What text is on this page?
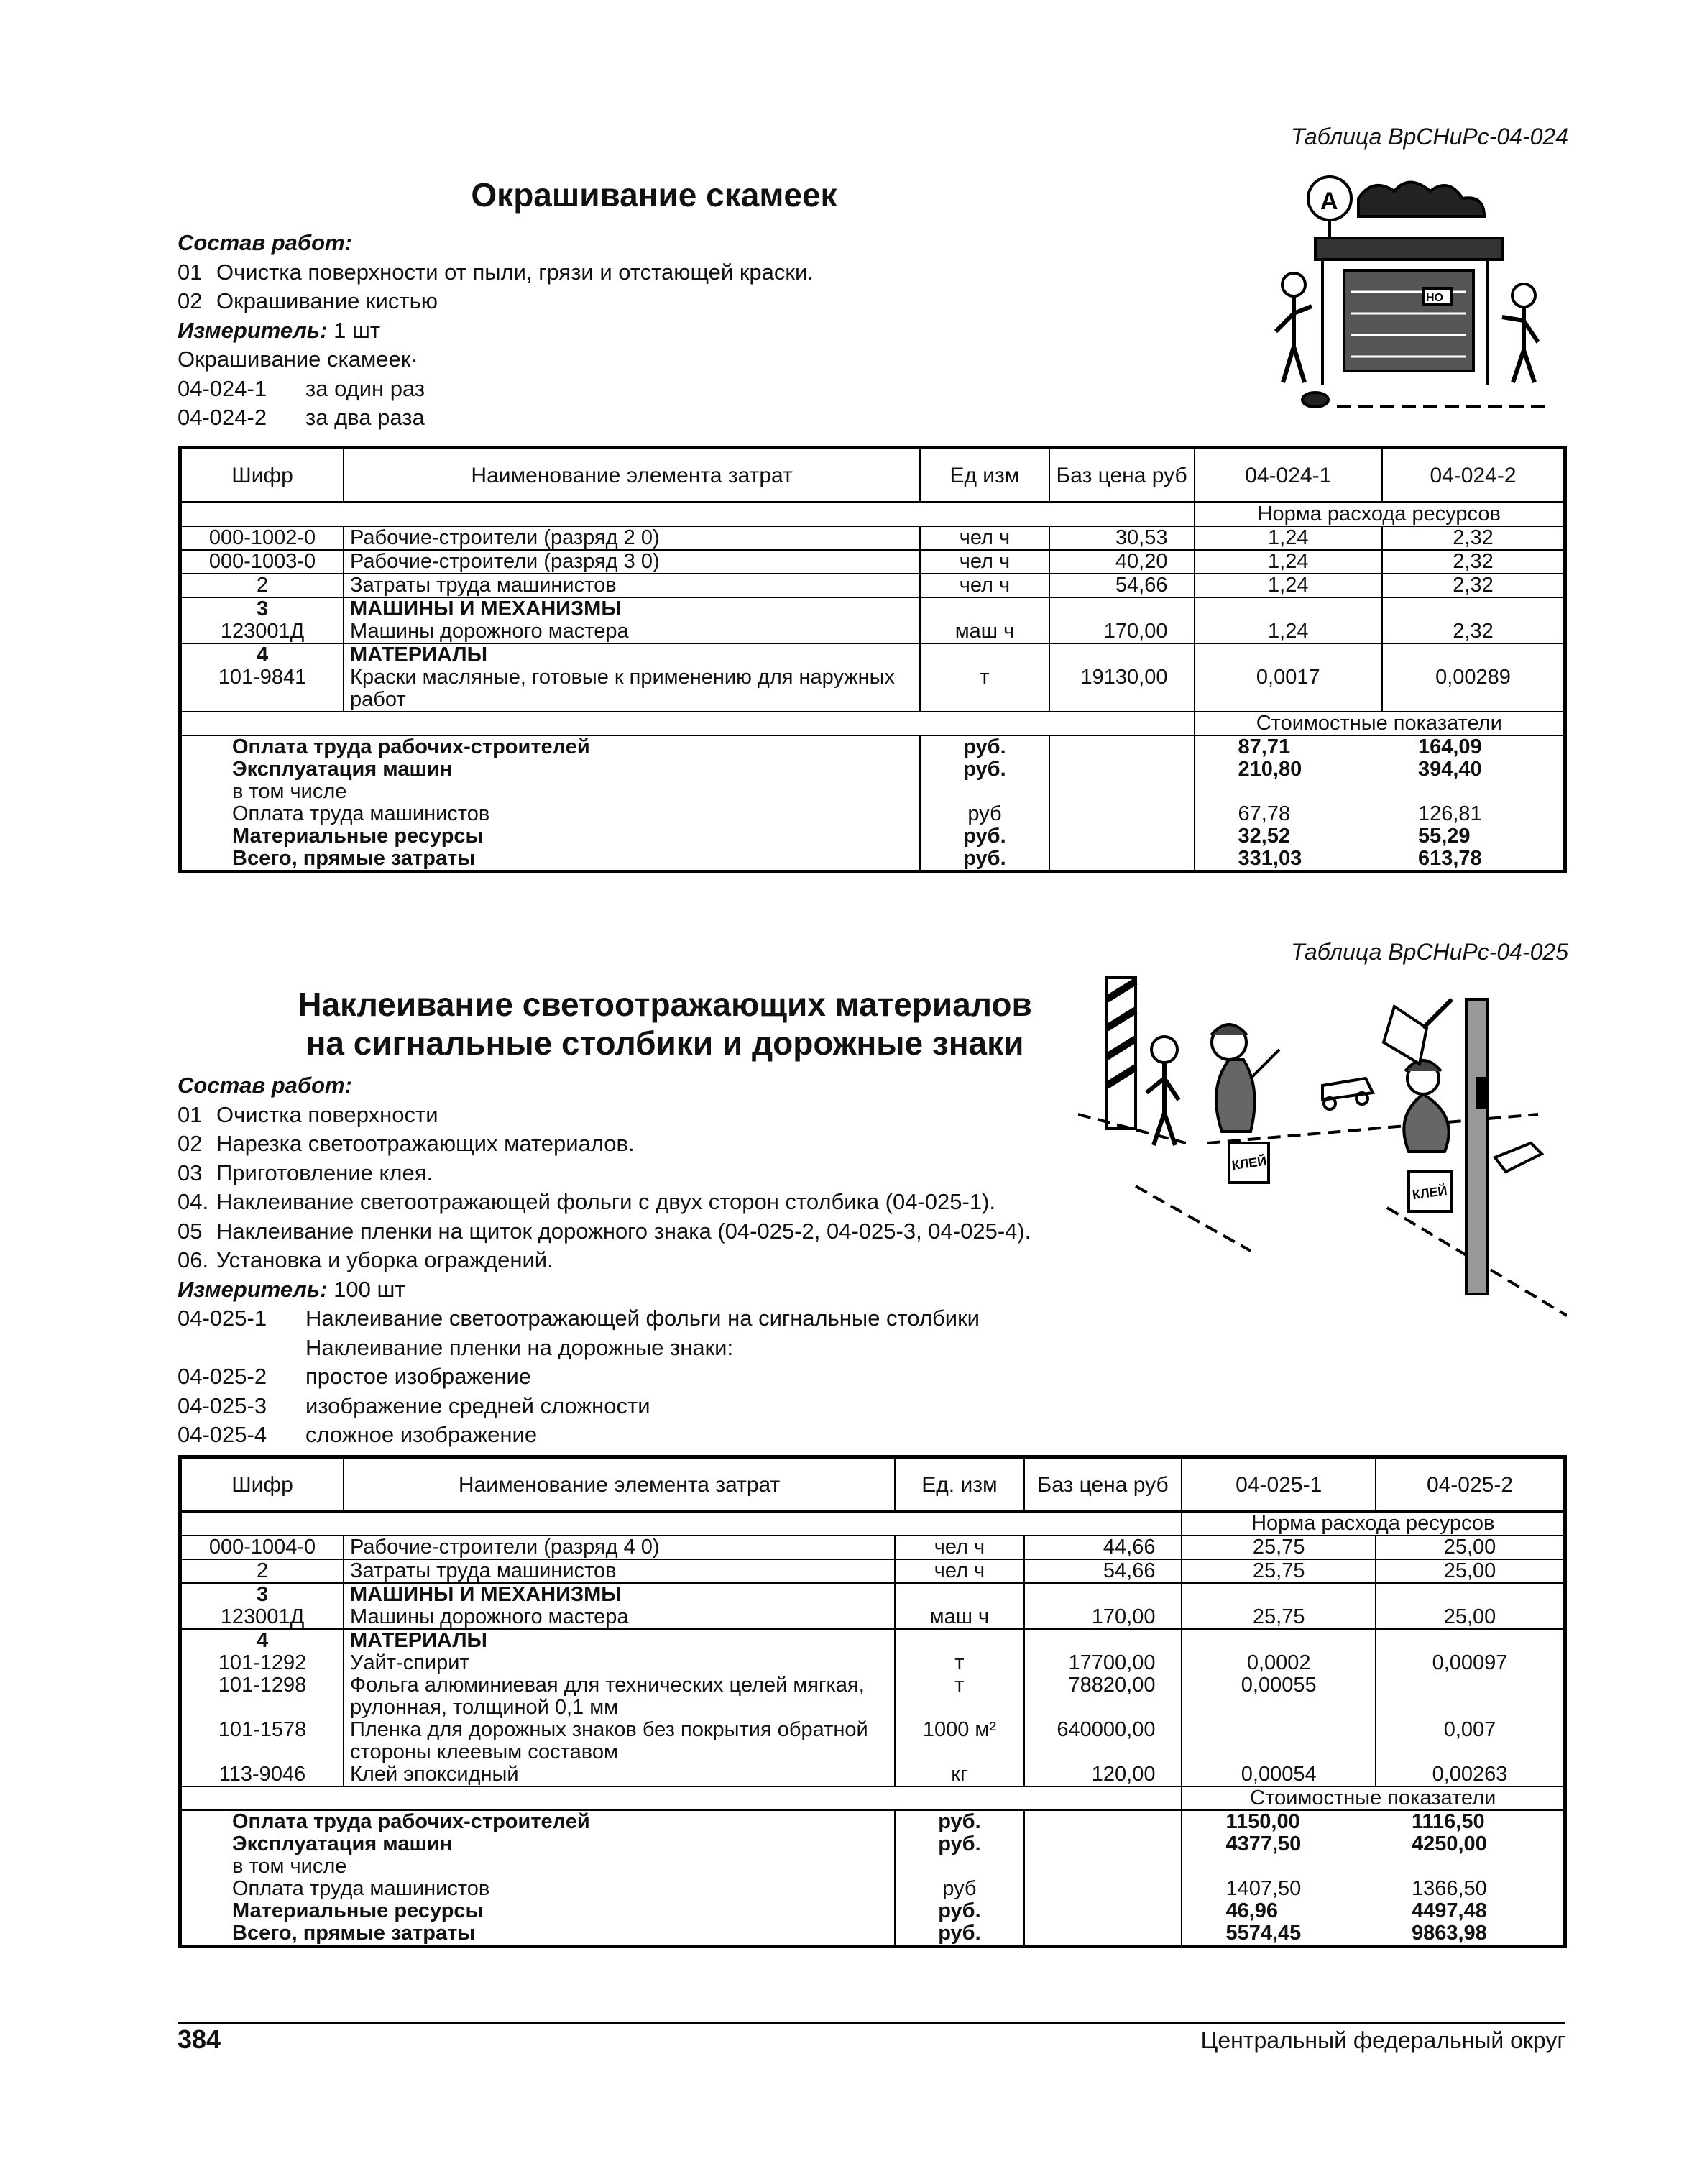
Таблица ВрСНиРс-04-024
Окрашивание скамеек
Состав работ:
01 Очистка поверхности от пыли, грязи и отстающей краски.
02 Окрашивание кистью
Измеритель: 1 шт
Окрашивание скамеек·
04-024-1 за один раз
04-024-2 за два раза
А
НО
Шифр	Наименование элемента затрат	Ед изм	Баз цена руб	04-024-1	04-024-2
				Норма расхода ресурсов	
000-1002-0	Рабочие-строители (разряд 2 0)	чел ч	30,53	1,24	2,32
000-1003-0	Рабочие-строители (разряд 3 0)	чел ч	40,20	1,24	2,32
2	Затраты труда машинистов	чел ч	54,66	1,24	2,32
3	МАШИНЫ И МЕХАНИЗМЫ				
123001Д	Машины дорожного мастера	маш ч	170,00	1,24	2,32
4	МАТЕРИАЛЫ				
101-9841	Краски масляные, готовые к применению для наружных работ	т	19130,00	0,0017	0,00289
				Стоимостные показатели	
Оплата труда рабочих-строителей		руб.		87,71	164,09
Эксплуатация машин		руб.		210,80	394,40
в том числе					
Оплата труда машинистов		руб		67,78	126,81
Материальные ресурсы		руб.		32,52	55,29
Всего, прямые затраты		руб.		331,03	613,78
Таблица ВрСНиРс-04-025
Наклеивание светоотражающих материалов
на сигнальные столбики и дорожные знаки
Состав работ:
01 Очистка поверхности
02 Нарезка светоотражающих материалов.
03 Приготовление клея.
04. Наклеивание светоотражающей фольги с двух сторон столбика (04-025-1).
05 Наклеивание пленки на щиток дорожного знака (04-025-2, 04-025-3, 04-025-4).
06. Установка и уборка ограждений.
Измеритель: 100 шт
04-025-1 Наклеивание светоотражающей фольги на сигнальные столбики
Наклеивание пленки на дорожные знаки:
04-025-2 простое изображение
04-025-3 изображение средней сложности
04-025-4 сложное изображение
КЛЕЙ
КЛЕЙ
Шифр	Наименование элемента затрат	Ед. изм	Баз цена руб	04-025-1	04-025-2
				Норма расхода ресурсов	
000-1004-0	Рабочие-строители (разряд 4 0)	чел ч	44,66	25,75	25,00
2	Затраты труда машинистов	чел ч	54,66	25,75	25,00
3	МАШИНЫ И МЕХАНИЗМЫ				
123001Д	Машины дорожного мастера	маш ч	170,00	25,75	25,00
4	МАТЕРИАЛЫ				
101-1292	Уайт-спирит	т	17700,00	0,0002	0,00097
101-1298	Фольга алюминиевая для технических целей мягкая, рулонная, толщиной 0,1 мм	т	78820,00	0,00055	
101-1578	Пленка для дорожных знаков без покрытия обратной стороны клеевым составом	1000 м²	640000,00		0,007
113-9046	Клей эпоксидный	кг	120,00	0,00054	0,00263
				Стоимостные показатели	
Оплата труда рабочих-строителей		руб.		1150,00	1116,50
Эксплуатация машин		руб.		4377,50	4250,00
в том числе					
Оплата труда машинистов		руб		1407,50	1366,50
Материальные ресурсы		руб.		46,96	4497,48
Всего, прямые затраты		руб.		5574,45	9863,98
384	Центральный федеральный округ
